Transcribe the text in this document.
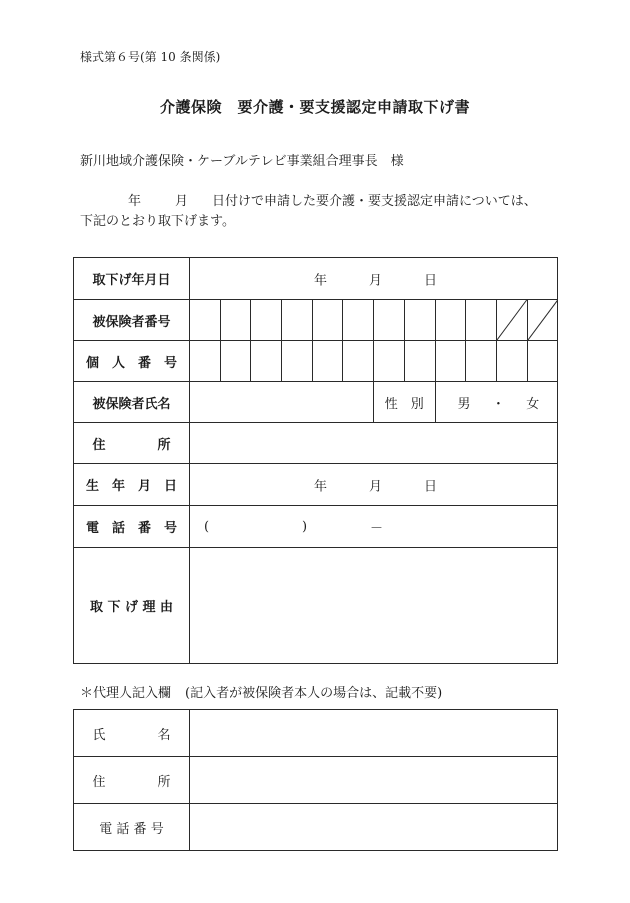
様式第６号(第 10 条関係)
介護保険　要介護・要支援認定申請取下げ書
新川地域介護保険・ケーブルテレビ事業組合理事長　様
年	月 日付けで申請した要介護・要支援認定申請については、
下記のとおり取下げます。
取下げ年月日	年 月 日											

被保険者番号											

個　人　番　号												
被保険者氏名							性　別		男 ・ 女			

住　　　　所												
生　年　月　日	年 月 日											

電　話　番　号	( ) －											

取 下 げ 理 由												
＊代理人記入欄 (記入者が被保険者本人の場合は、記載不要)
氏　　　　名	
住　　　　所	
電 話 番 号	
